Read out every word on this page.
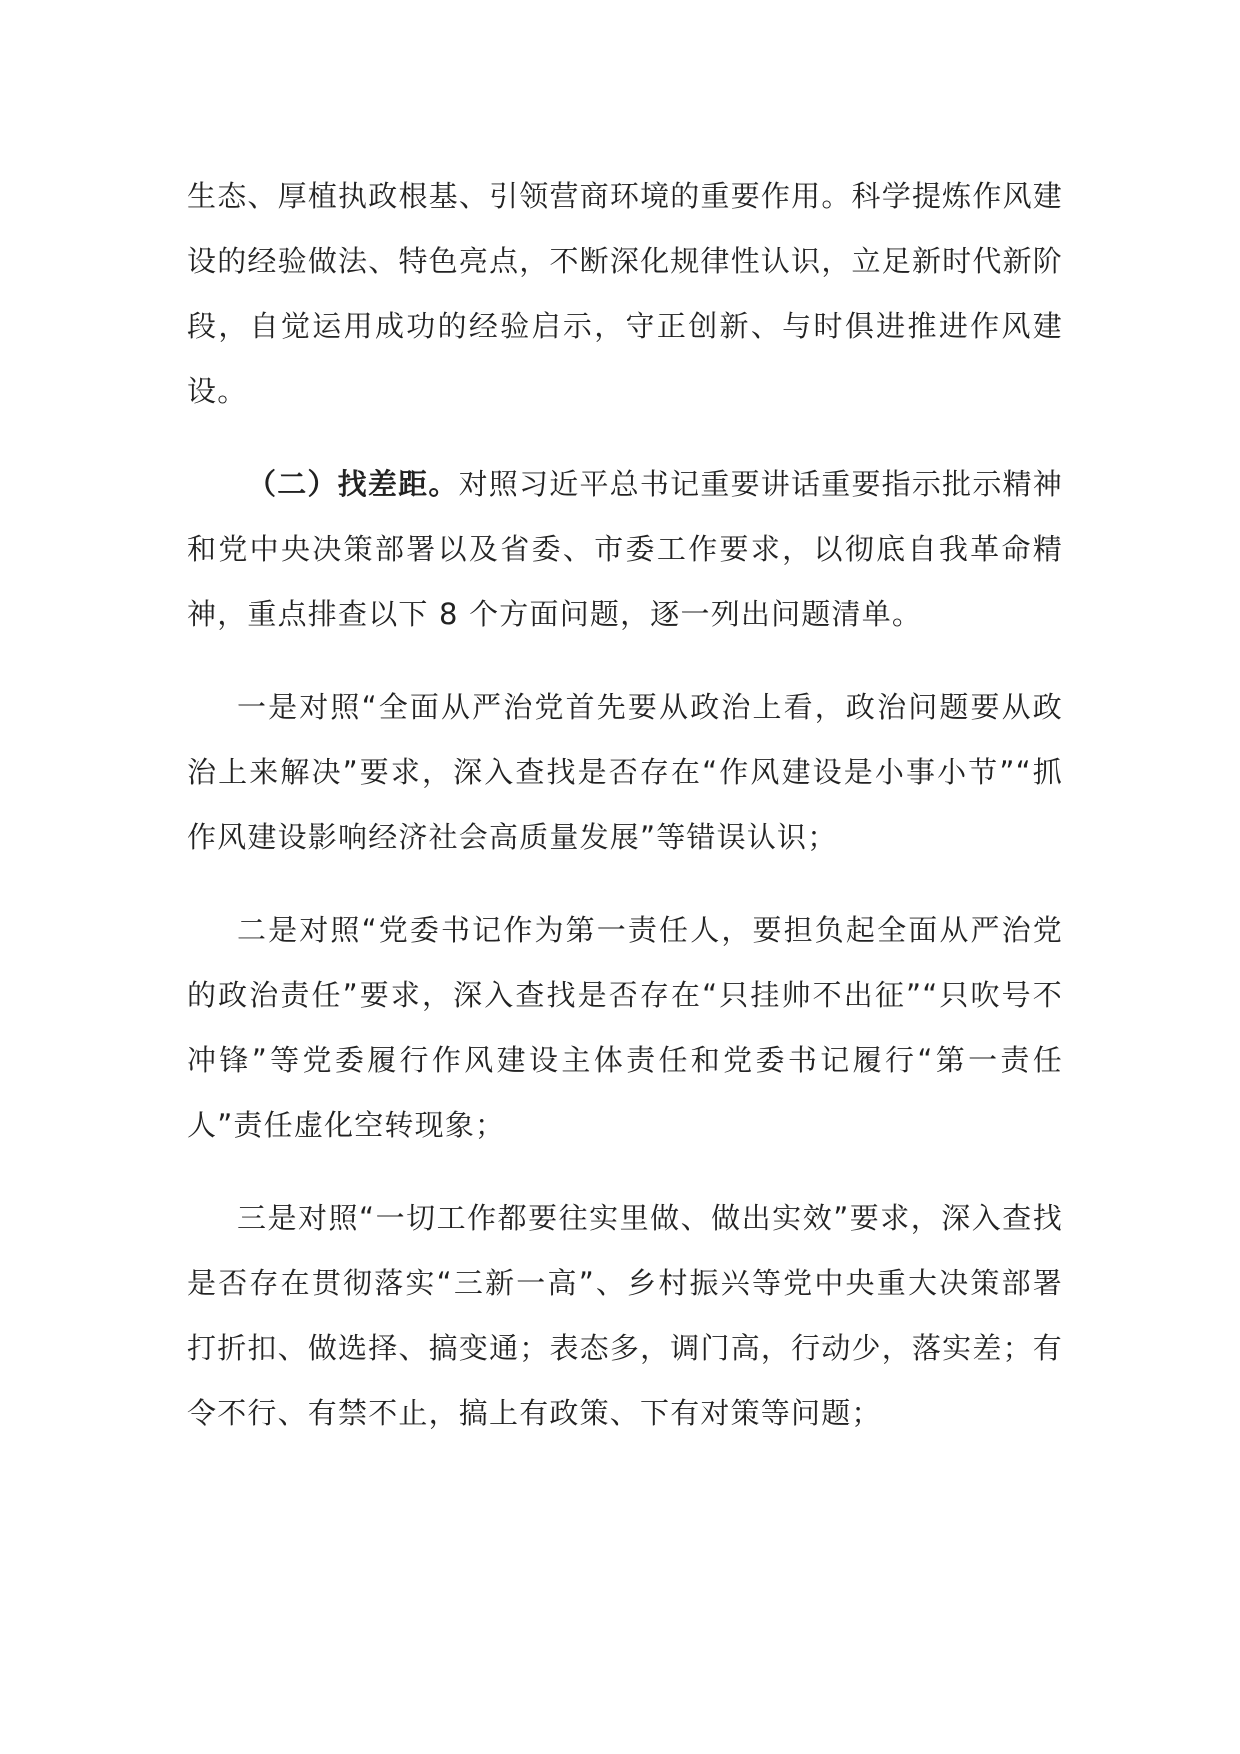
生态、厚植执政根基、引领营商环境的重要作用。科学提炼作风建设的经验做法、特色亮点，不断深化规律性认识，立足新时代新阶段，自觉运用成功的经验启示，守正创新、与时俱进推进作风建设。

（二）找差距。对照习近平总书记重要讲话重要指示批示精神和党中央决策部署以及省委、市委工作要求，以彻底自我革命精神，重点排查以下 8 个方面问题，逐一列出问题清单。

一是对照“全面从严治党首先要从政治上看，政治问题要从政治上来解决”要求，深入查找是否存在“作风建设是小事小节”“抓作风建设影响经济社会高质量发展”等错误认识；

二是对照“党委书记作为第一责任人，要担负起全面从严治党的政治责任”要求，深入查找是否存在“只挂帅不出征”“只吹号不冲锋”等党委履行作风建设主体责任和党委书记履行“第一责任人”责任虚化空转现象；

三是对照“一切工作都要往实里做、做出实效”要求，深入查找是否存在贯彻落实“三新一高”、乡村振兴等党中央重大决策部署打折扣、做选择、搞变通；表态多，调门高，行动少，落实差；有令不行、有禁不止，搞上有政策、下有对策等问题；
